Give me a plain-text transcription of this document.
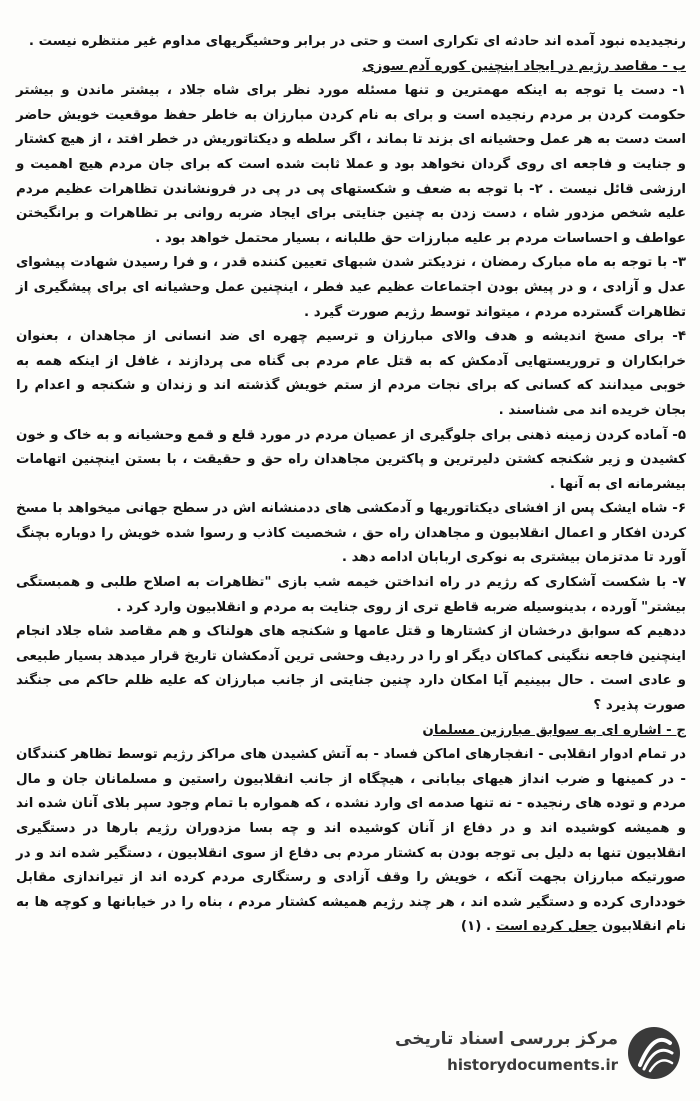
رنجیدیده نبود آمده اند حادثه ای تکراری است و حتی در برابر وحشیگریهای مداوم غیر منتظره نیست .

ب - مقاصد رژیم در ایجاد اینچنین کوره آدم سوزی

۱- دست یا توجه به اینکه مهمترین و تنها مسئله مورد نظر برای شاه جلاد ، بیشتر ماندن و بیشتر حکومت کردن بر مردم رنجیده است و برای به نام کردن مبارزان به خاطر حفظ موقعیت خویش حاضر است دست به هر عمل وحشیانه ای بزند تا بماند ، اگر سلطه و دیکتاتوریش در خطر افتد ، از هیچ کشتار و جنایت و فاجعه ای روی گردان نخواهد بود و عملا ثابت شده است که برای جان مردم هیچ اهمیت و ارزشی قائل نیست . ۲- با توجه به ضعف و شکستهای پی در پی در فرونشاندن تظاهرات عظیم مردم علیه شخص مزدور شاه ، دست زدن به چنین جنایتی برای ایجاد ضربه روانی بر تظاهرات و برانگیختن عواطف و احساسات مردم بر علیه مبارزات حق طلبانه ، بسیار محتمل خواهد بود .

۳- با توجه به ماه مبارک رمضان ، نزدیکتر شدن شبهای تعیین کننده قدر ، و فرا رسیدن شهادت پیشوای عدل و آزادی ، و در پیش بودن اجتماعات عظیم عید فطر ، اینچنین عمل وحشیانه ای برای پیشگیری از تظاهرات گسترده مردم ، میتواند توسط رژیم صورت گیرد .

۴- برای مسخ اندیشه و هدف والای مبارزان و ترسیم چهره ای ضد انسانی از مجاهدان ، بعنوان خرابکاران و تروریستهایی آدمکش که به قتل عام مردم بی گناه می پردازند ، غافل از اینکه همه به خوبی میدانند که کسانی که برای نجات مردم از ستم خویش گذشته اند و زندان و شکنجه و اعدام را بجان خریده اند می شناسند .

۵- آماده کردن زمینه ذهنی برای جلوگیری از عصیان مردم در مورد قلع و قمع وحشیانه و به خاک و خون کشیدن و زیر شکنجه کشتن دلیرترین و پاکترین مجاهدان راه حق و حقیقت ، با بستن اینچنین اتهامات بیشرمانه ای به آنها .

۶- شاه ایشک پس از افشای دیکتاتوریها و آدمکشی های ددمنشانه اش در سطح جهانی میخواهد با مسخ کردن افکار و اعمال انقلابیون و مجاهدان راه حق ، شخصیت کاذب و رسوا شده خویش را دوباره بچنگ آورد تا مدتزمان بیشتری به نوکری اربابان ادامه دهد .

۷- با شکست آشکاری که رژیم در راه انداختن خیمه شب بازی "تظاهرات به اصلاح طلبی و همبستگی بیشتر" آورده ، بدینوسیله ضربه قاطع تری از روی جنایت به مردم و انقلابیون وارد کرد .

ددهیم که سوابق درخشان از کشتارها و قتل عامها و شکنجه های هولناک و هم مقاصد شاه جلاد انجام اینچنین فاجعه ننگینی کماکان دیگر او را در ردیف وحشی ترین آدمکشان تاریخ قرار میدهد بسیار طبیعی و عادی است . حال ببینیم آیا امکان دارد چنین جنایتی از جانب مبارزان که علیه ظلم حاکم می جنگند صورت پذیرد ؟

ج - اشاره ای به سوابق مبارزین مسلمان

در تمام ادوار انقلابی - انفجارهای اماکن فساد - به آتش کشیدن های مراکز رژیم توسط تظاهر کنندگان - در کمینها و ضرب انداز هیهای بیابانی ، هیچگاه از جانب انقلابیون راستین و مسلمانان جان و مال مردم و توده های رنجیده - نه تنها صدمه ای وارد نشده ، که همواره با تمام وجود سپر بلای آنان شده اند و همیشه کوشیده اند و در دفاع از آنان کوشیده اند و چه بسا مزدوران رژیم بارها در دستگیری انقلابیون تنها به دلیل بی توجه بودن به کشتار مردم بی دفاع از سوی انقلابیون ، دستگیر شده اند و در صورتیکه مبارزان بجهت آنکه ، خویش را وقف آزادی و رستگاری مردم کرده اند از تیراندازی مقابل خودداری کرده و دستگیر شده اند ، هر چند رژیم همیشه کشتار مردم ، بناه را در خیابانها و کوچه ها به نام انقلابیون جعل کرده است . (۱)

مرکز بررسی اسناد تاریخی
historydocuments.ir
